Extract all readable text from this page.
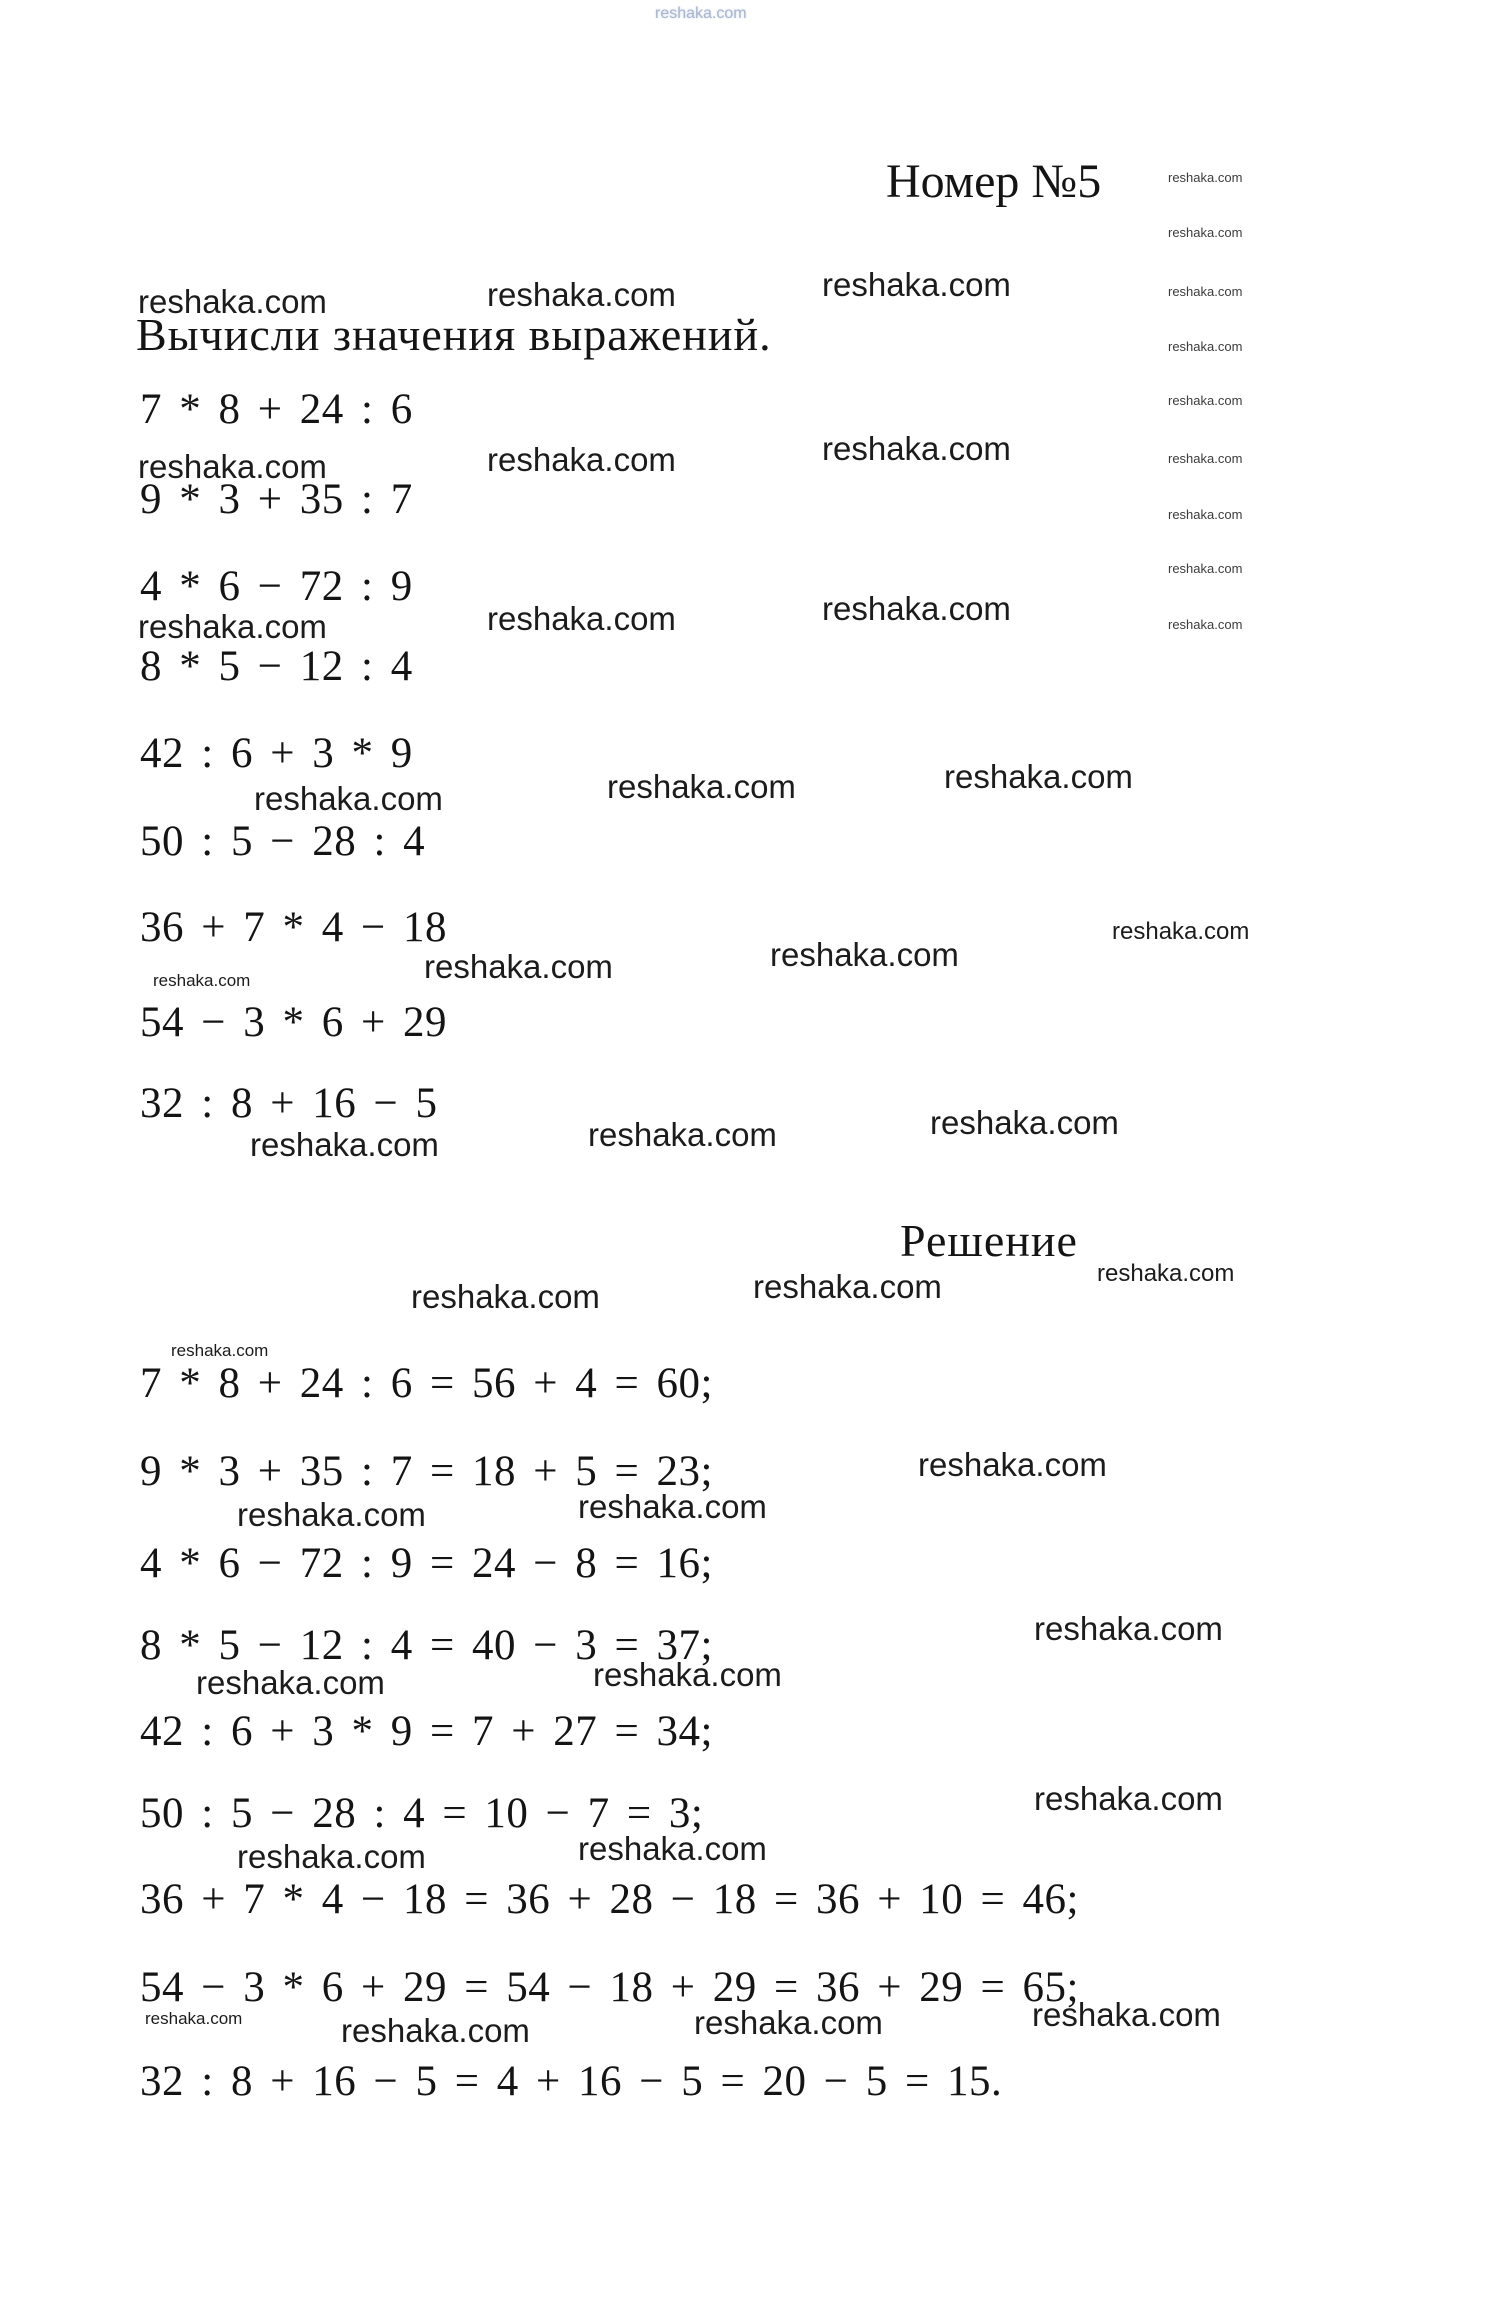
reshaka.com
reshaka.com
reshaka.com
reshaka.com
reshaka.com
reshaka.com
reshaka.com
reshaka.com
reshaka.com
reshaka.com
Номер №5
reshaka.com	reshaka.com	reshaka.com
Вычисли значения выражений.
7 * 8 + 24 : 6
reshaka.com	reshaka.com	reshaka.com
9 * 3 + 35 : 7
4 * 6 − 72 : 9
reshaka.com	reshaka.com	reshaka.com
8 * 5 − 12 : 4
42 : 6 + 3 * 9
reshaka.com	reshaka.com	reshaka.com
50 : 5 − 28 : 4
36 + 7 * 4 − 18	reshaka.com
reshaka.com	reshaka.com
reshaka.com
54 − 3 * 6 + 29
32 : 8 + 16 − 5
reshaka.com	reshaka.com	reshaka.com
Решение
reshaka.com	reshaka.com	reshaka.com
reshaka.com
7 * 8 + 24 : 6 = 56 + 4 = 60;
9 * 3 + 35 : 7 = 18 + 5 = 23;	reshaka.com
reshaka.com	reshaka.com
4 * 6 − 72 : 9 = 24 − 8 = 16;
8 * 5 − 12 : 4 = 40 − 3 = 37;	reshaka.com
reshaka.com	reshaka.com
42 : 6 + 3 * 9 = 7 + 27 = 34;
50 : 5 − 28 : 4 = 10 − 7 = 3;	reshaka.com
reshaka.com	reshaka.com
36 + 7 * 4 − 18 = 36 + 28 − 18 = 36 + 10 = 46;
54 − 3 * 6 + 29 = 54 − 18 + 29 = 36 + 29 = 65;
reshaka.com	reshaka.com	reshaka.com	reshaka.com
32 : 8 + 16 − 5 = 4 + 16 − 5 = 20 − 5 = 15.
